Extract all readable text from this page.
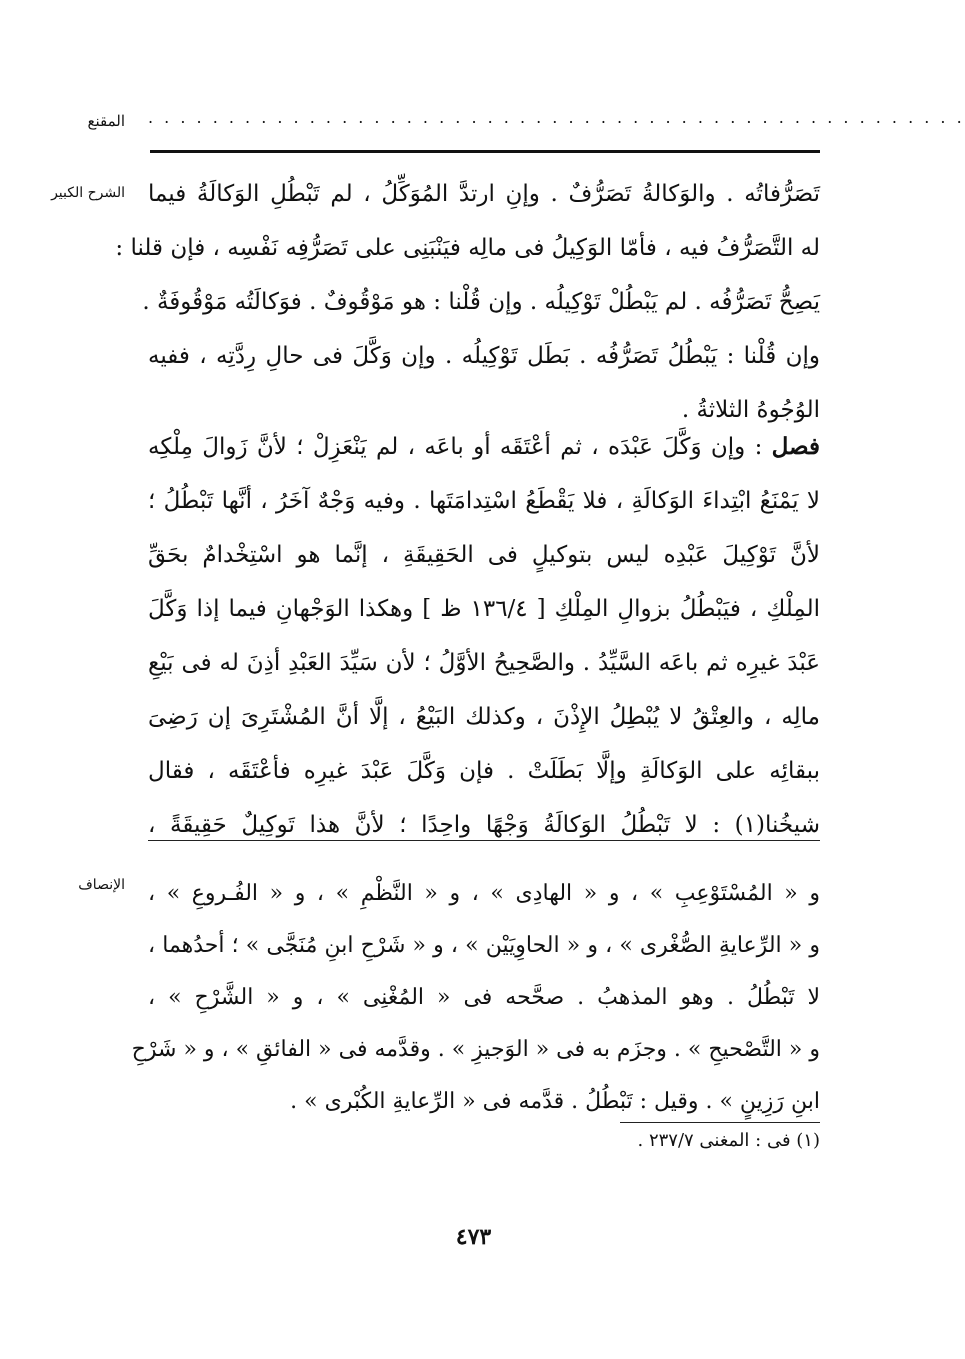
المقنع . . . . . . . . . . . . . . . . . . . . . . . . . . . . . . . . . . . . . . . . . . . . . . . . . . .
الشرح الكبير تَصَرُّفاتُه . والوَكالةُ تَصَرُّفٌ . وإنِ ارتدَّ المُوَكِّلُ ، لم تَبْطُلِ الوَكالَةُ فيما
له التَّصَرُّفُ فيه ، فأمّا الوَكِيلُ فى مالِه فيَنْبَنِى على تَصَرُّفِه نَفْسِه ، فإن قلنا :
يَصِحُّ تَصَرُّفُه . لم يَبْطُلْ تَوْكِيلُه . وإن قُلْنا : هو مَوْقُوفٌ . فوَكالَتُه مَوْقُوفَةٌ .
وإن قُلْنا : يَبْطُلُ تَصَرُّفُه . بَطَل تَوْكِيلُه . وإن وَكَّلَ فى حالِ رِدَّتِه ، ففيه
الوُجُوهُ الثلاثةُ .
فصل : وإن وَكَّلَ عَبْدَه ، ثم أعْتَقَه أو باعَه ، لم يَنْعَزِلْ ؛ لأنَّ زَوالَ مِلْكِه
لا يَمْنَعُ ابْتِداءَ الوَكالَةِ ، فلا يَقْطَعُ اسْتِدامَتَها . وفيه وَجْهٌ آخَرُ ، أنَّها تَبْطُلُ ؛
لأنَّ تَوْكِيلَ عَبْدِه ليس بتوكيلٍ فى الحَقِيقَةِ ، إنَّما هو اسْتِخْدامٌ بحَقِّ
المِلْكِ ، فيَبْطُلُ بزوالِ المِلْكِ [ ١٣٦/٤ ظ ] وهكذا الوَجْهانِ فيما إذا وَكَّلَ
عَبْدَ غيرِه ثم باعَه السَّيِّدُ . والصَّحِيحُ الأوَّلُ ؛ لأن سَيِّدَ العَبْدِ أذِنَ له فى بَيْعِ
مالِه ، والعِتْقُ لا يُبْطِلُ الإِذْنَ ، وكذلك البَيْعُ ، إلَّا أنَّ المُشْتَرِىَ إن رَضِىَ
ببقائِه على الوَكالَةِ وإلَّا بَطَلَتْ . فإن وَكَّلَ عَبْدَ غيرِه فأعْتَقَه ، فقال
شيخُنا(١) : لا تَبْطُلُ الوَكالَةُ وَجْهًا واحِدًا ؛ لأنَّ هذا تَوكِيلٌ حَقِيقَةً ،
الإنصاف و « المُسْتَوْعِبِ » ، و « الهادِى » ، و « النَّظْمِ » ، و « الفُـروعِ » ،
و « الرِّعايةِ الصُّغْرى » ، و « الحاوِيَيْن » ، و « شَرْحِ ابنِ مُنَجَّى » ؛ أحدُهما ،
لا تَبْطُلُ . وهو المذهبُ . صحَّحه فى « المُغْنِى » ، و « الشَّرْحِ » ،
و « التَّصْحيحِ » . وجزَم به فى « الوَجيزِ » . وقدَّمه فى « الفائقِ » ، و « شَرْحِ
ابنِ رَزِينٍ » . وقيل : تَبْطُلُ . قدَّمه فى « الرِّعايةِ الكُبْرى » .
(١) فى : المغنى ٢٣٧/٧ .
٤٧٣
